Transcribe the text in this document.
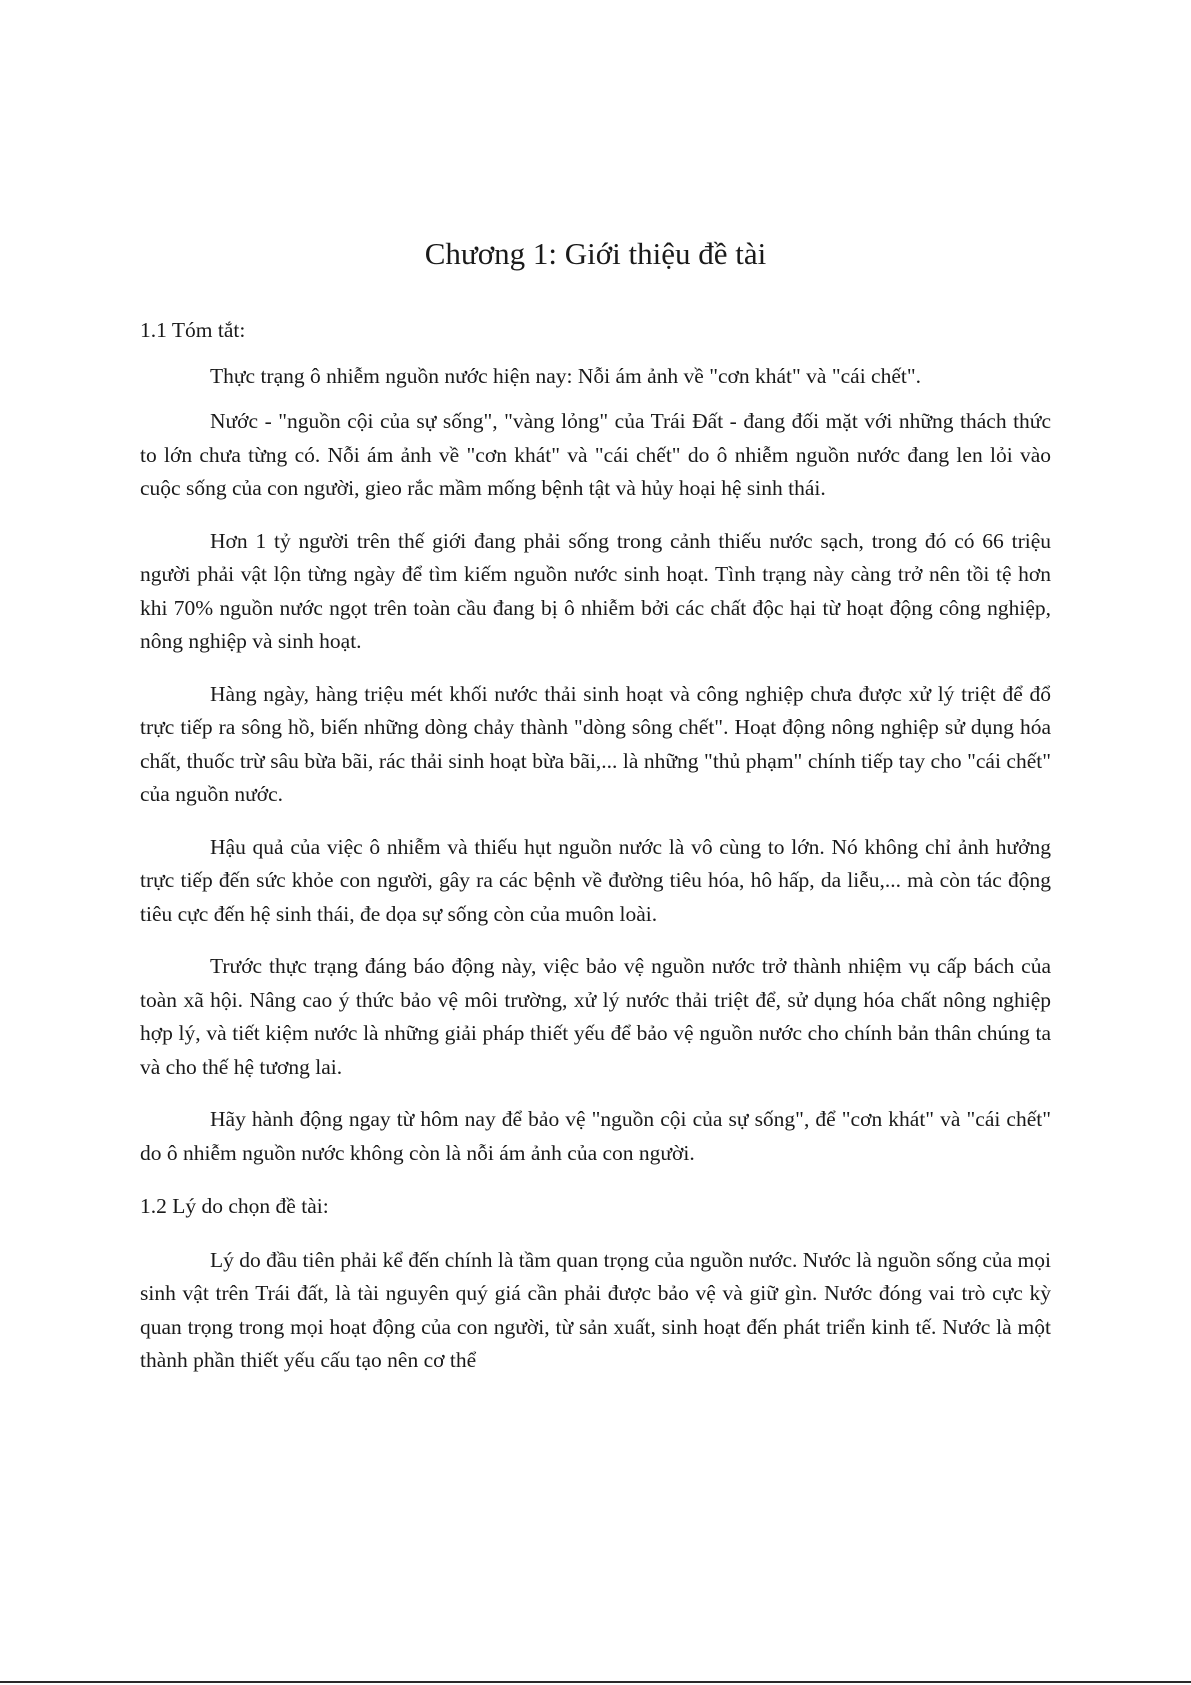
Chương 1: Giới thiệu đề tài

1.1 Tóm tắt:

Thực trạng ô nhiễm nguồn nước hiện nay: Nỗi ám ảnh về "cơn khát" và "cái chết".

Nước - "nguồn cội của sự sống", "vàng lỏng" của Trái Đất - đang đối mặt với những thách thức to lớn chưa từng có. Nỗi ám ảnh về "cơn khát" và "cái chết" do ô nhiễm nguồn nước đang len lỏi vào cuộc sống của con người, gieo rắc mầm mống bệnh tật và hủy hoại hệ sinh thái.

Hơn 1 tỷ người trên thế giới đang phải sống trong cảnh thiếu nước sạch, trong đó có 66 triệu người phải vật lộn từng ngày để tìm kiếm nguồn nước sinh hoạt. Tình trạng này càng trở nên tồi tệ hơn khi 70% nguồn nước ngọt trên toàn cầu đang bị ô nhiễm bởi các chất độc hại từ hoạt động công nghiệp, nông nghiệp và sinh hoạt.

Hàng ngày, hàng triệu mét khối nước thải sinh hoạt và công nghiệp chưa được xử lý triệt để đổ trực tiếp ra sông hồ, biến những dòng chảy thành "dòng sông chết". Hoạt động nông nghiệp sử dụng hóa chất, thuốc trừ sâu bừa bãi, rác thải sinh hoạt bừa bãi,... là những "thủ phạm" chính tiếp tay cho "cái chết" của nguồn nước.

Hậu quả của việc ô nhiễm và thiếu hụt nguồn nước là vô cùng to lớn. Nó không chỉ ảnh hưởng trực tiếp đến sức khỏe con người, gây ra các bệnh về đường tiêu hóa, hô hấp, da liễu,... mà còn tác động tiêu cực đến hệ sinh thái, đe dọa sự sống còn của muôn loài.

Trước thực trạng đáng báo động này, việc bảo vệ nguồn nước trở thành nhiệm vụ cấp bách của toàn xã hội. Nâng cao ý thức bảo vệ môi trường, xử lý nước thải triệt để, sử dụng hóa chất nông nghiệp hợp lý, và tiết kiệm nước là những giải pháp thiết yếu để bảo vệ nguồn nước cho chính bản thân chúng ta và cho thế hệ tương lai.

Hãy hành động ngay từ hôm nay để bảo vệ "nguồn cội của sự sống", để "cơn khát" và "cái chết" do ô nhiễm nguồn nước không còn là nỗi ám ảnh của con người.

1.2 Lý do chọn đề tài:

Lý do đầu tiên phải kể đến chính là tầm quan trọng của nguồn nước. Nước là nguồn sống của mọi sinh vật trên Trái đất, là tài nguyên quý giá cần phải được bảo vệ và giữ gìn. Nước đóng vai trò cực kỳ quan trọng trong mọi hoạt động của con người, từ sản xuất, sinh hoạt đến phát triển kinh tế. Nước là một thành phần thiết yếu cấu tạo nên cơ thể
